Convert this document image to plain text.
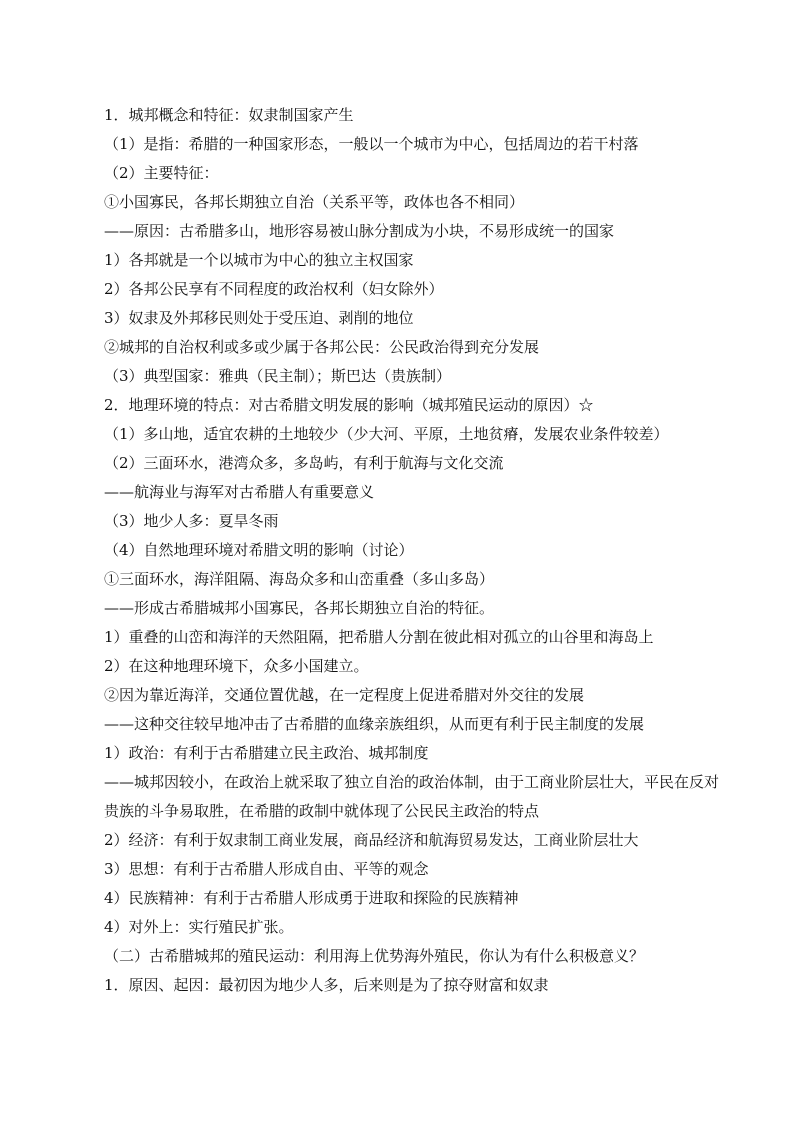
1．城邦概念和特征：奴隶制国家产生
（1）是指：希腊的一种国家形态，一般以一个城市为中心，包括周边的若干村落
（2）主要特征：
①小国寡民，各邦长期独立自治（关系平等，政体也各不相同）
——原因：古希腊多山，地形容易被山脉分割成为小块，不易形成统一的国家
1）各邦就是一个以城市为中心的独立主权国家
2）各邦公民享有不同程度的政治权利（妇女除外）
3）奴隶及外邦移民则处于受压迫、剥削的地位
②城邦的自治权利或多或少属于各邦公民：公民政治得到充分发展
（3）典型国家：雅典（民主制）；斯巴达（贵族制）
2．地理环境的特点：对古希腊文明发展的影响（城邦殖民运动的原因）☆
（1）多山地，适宜农耕的土地较少（少大河、平原，土地贫瘠，发展农业条件较差）
（2）三面环水，港湾众多，多岛屿，有利于航海与文化交流
——航海业与海军对古希腊人有重要意义
（3）地少人多：夏旱冬雨
（4）自然地理环境对希腊文明的影响（讨论）
①三面环水，海洋阻隔、海岛众多和山峦重叠（多山多岛）
——形成古希腊城邦小国寡民，各邦长期独立自治的特征。
1）重叠的山峦和海洋的天然阻隔，把希腊人分割在彼此相对孤立的山谷里和海岛上
2）在这种地理环境下，众多小国建立。
②因为靠近海洋，交通位置优越，在一定程度上促进希腊对外交往的发展
——这种交往较早地冲击了古希腊的血缘亲族组织，从而更有利于民主制度的发展
1）政治：有利于古希腊建立民主政治、城邦制度
——城邦因较小，在政治上就采取了独立自治的政治体制，由于工商业阶层壮大，平民在反对贵族的斗争易取胜，在希腊的政制中就体现了公民民主政治的特点
2）经济：有利于奴隶制工商业发展，商品经济和航海贸易发达，工商业阶层壮大
3）思想：有利于古希腊人形成自由、平等的观念
4）民族精神：有利于古希腊人形成勇于进取和探险的民族精神
4）对外上：实行殖民扩张。
（二）古希腊城邦的殖民运动：利用海上优势海外殖民，你认为有什么积极意义？
1．原因、起因：最初因为地少人多，后来则是为了掠夺财富和奴隶
